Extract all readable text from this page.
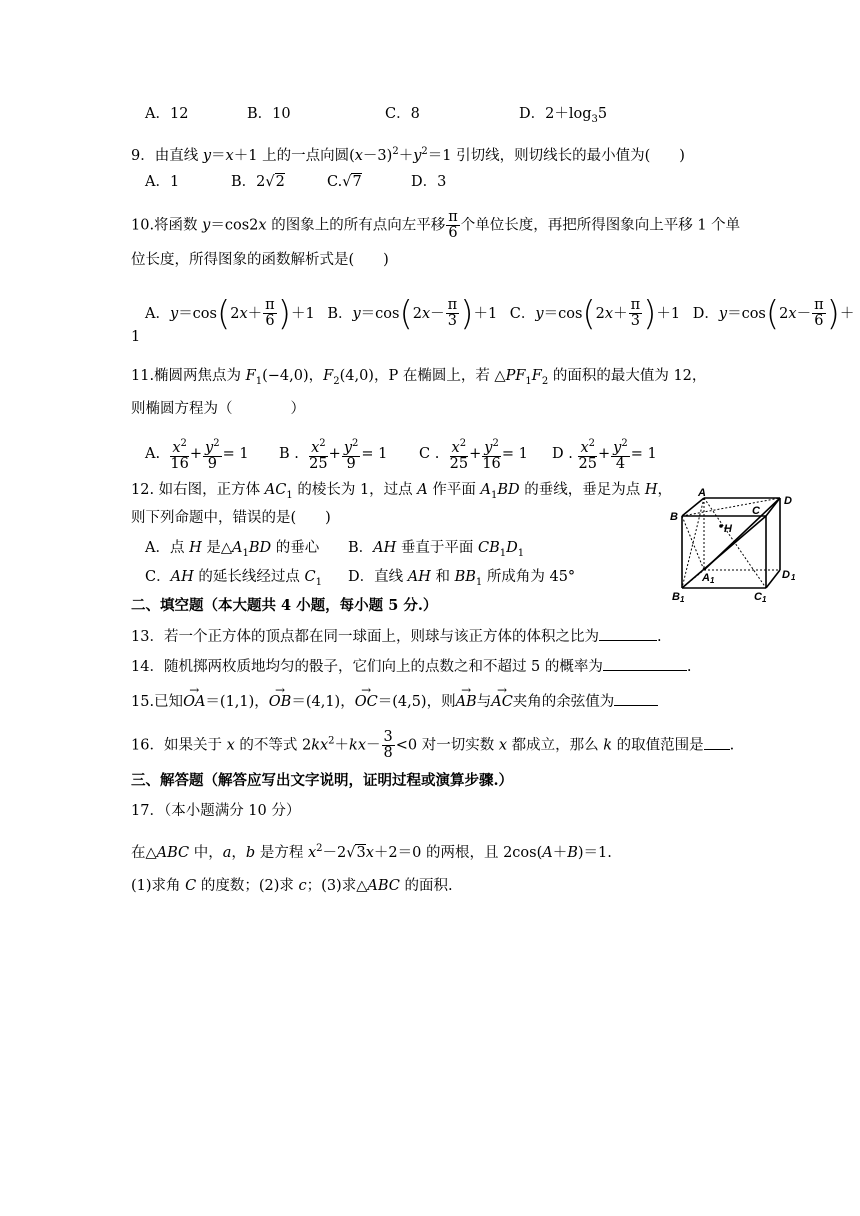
A．12	B．10	C．8	D．$2+\log_35$
9．由直线 y＝x＋1 上的一点向圆$(x-3)^2+y^2=1$ 引切线，则切线长的最小值为(　　)
A．1	B．2√2	C.√7	D．3
10.将函数 y＝cos2x 的图象上的所有点向左平移 $\frac{\pi}{6}$ 个单位长度，再把所得图象向上平移 1 个单
位长度，所得图象的函数解析式是(　　)
A．$y=\cos(2x+ \frac{\pi}{6} )+1$ B．$y=\cos(2x- \frac{\pi}{3} )+1$ C．$y=\cos(2x+ \frac{\pi}{3} )+1$ D．$y=\cos(2x- \frac{\pi}{6}$ )＋
1
11.椭圆两焦点为 $F_1(-4,0)$，$F_2(4,0)$，P 在椭圆上，若 $\triangle PF_1F_2$ 的面积的最大值为 12，
则椭圆方程为（　　　　）
A. $\frac{x^2}{16} + \frac{y^2}{9} = 1$ B . $\frac{x^2}{25} + \frac{y^2}{9} = 1$ C . $\frac{x^2}{25} + \frac{y^2}{16} = 1$ D . $\frac{x^2}{25} + \frac{y^2}{4} = 1$
12. 如右图，正方体 $AC_1$ 的棱长为 1，过点 A 作平面 $A_1BD$ 的垂线，垂足为点 H，
则下列命题中，错误的是(　　)
A．点 H 是$\triangle A_1BD$ 的垂心 B．AH 垂直于平面 $CB_1D_1$
C．AH 的延长线经过点 $C_1$ D．直线 AH 和 $BB_1$ 所成角为 45°
A
B	C
D
H
A 1
B 1	C 1
D 1
二、填空题（本大题共 4 小题，每小题 5 分.）
13．若一个正方体的顶点都在同一球面上，则球与该正方体的体积之比为	.
14．随机掷两枚质地均匀的骰子，它们向上的点数之和不超过 5 的概率为	.
15.已知→ OA＝(1,1)，→ OB＝(4,1)，→ OC＝(4,5)，则→ AB与→ AC夹角的余弦值为
16．如果关于 x 的不等式 $2kx^2+kx- \frac{3}{8} <0$ 对一切实数 x 都成立，那么 k 的取值范围是 .
三、解答题（解答应写出文字说明，证明过程或演算步骤.）
17．（本小题满分 10 分）
在△ABC 中，a，b 是方程 $x^2-2√3x+2=0$ 的两根，且 2cos(A＋B)＝1.
(1)求角 C 的度数；(2)求 c；(3)求△ABC 的面积.
